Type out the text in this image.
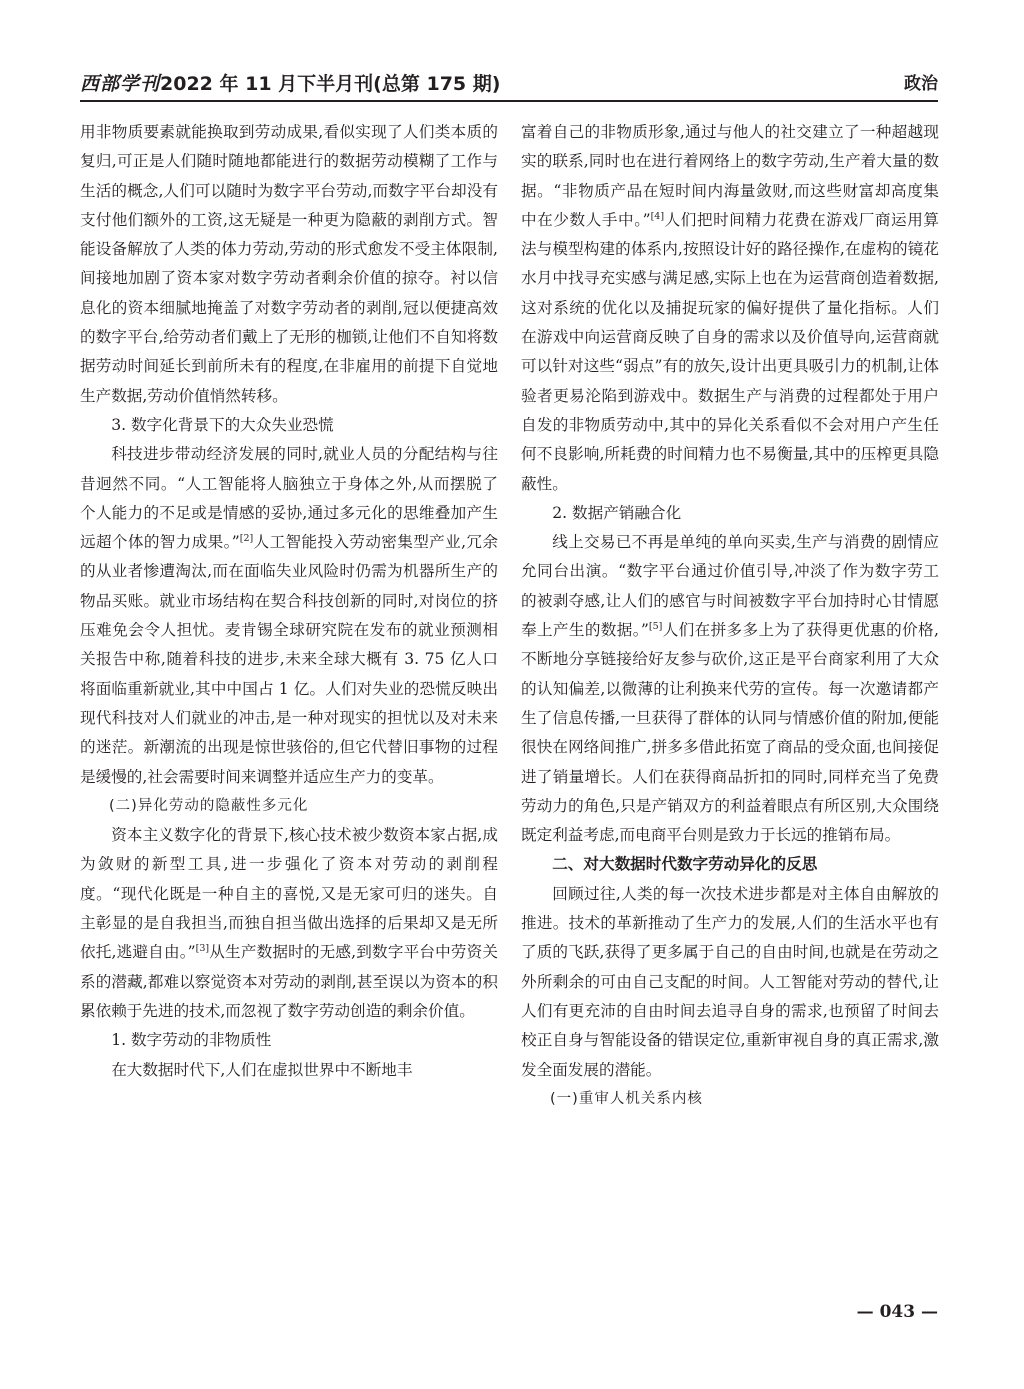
西部学刊2022 年 11 月下半月刊(总第 175 期)	政治

用非物质要素就能换取到劳动成果,看似实现了人们类本质的复归,可正是人们随时随地都能进行的数据劳动模糊了工作与生活的概念,人们可以随时为数字平台劳动,而数字平台却没有支付他们额外的工资,这无疑是一种更为隐蔽的剥削方式。智能设备解放了人类的体力劳动,劳动的形式愈发不受主体限制,间接地加剧了资本家对数字劳动者剩余价值的掠夺。衬以信息化的资本细腻地掩盖了对数字劳动者的剥削,冠以便捷高效的数字平台,给劳动者们戴上了无形的枷锁,让他们不自知将数据劳动时间延长到前所未有的程度,在非雇用的前提下自觉地生产数据,劳动价值悄然转移。

3. 数字化背景下的大众失业恐慌

科技进步带动经济发展的同时,就业人员的分配结构与往昔迥然不同。“人工智能将人脑独立于身体之外,从而摆脱了个人能力的不足或是情感的妥协,通过多元化的思维叠加产生远超个体的智力成果。”[2]人工智能投入劳动密集型产业,冗余的从业者惨遭淘汰,而在面临失业风险时仍需为机器所生产的物品买账。就业市场结构在契合科技创新的同时,对岗位的挤压难免会令人担忧。麦肯锡全球研究院在发布的就业预测相关报告中称,随着科技的进步,未来全球大概有 3. 75 亿人口将面临重新就业,其中中国占 1 亿。人们对失业的恐慌反映出现代科技对人们就业的冲击,是一种对现实的担忧以及对未来的迷茫。新潮流的出现是惊世骇俗的,但它代替旧事物的过程是缓慢的,社会需要时间来调整并适应生产力的变革。

(二)异化劳动的隐蔽性多元化

资本主义数字化的背景下,核心技术被少数资本家占据,成为敛财的新型工具,进一步强化了资本对劳动的剥削程度。“现代化既是一种自主的喜悦,又是无家可归的迷失。自主彰显的是自我担当,而独自担当做出选择的后果却又是无所依托,逃避自由。”[3]从生产数据时的无感,到数字平台中劳资关系的潜藏,都难以察觉资本对劳动的剥削,甚至误以为资本的积累依赖于先进的技术,而忽视了数字劳动创造的剩余价值。

1. 数字劳动的非物质性

在大数据时代下,人们在虚拟世界中不断地丰

富着自己的非物质形象,通过与他人的社交建立了一种超越现实的联系,同时也在进行着网络上的数字劳动,生产着大量的数据。“非物质产品在短时间内海量敛财,而这些财富却高度集中在少数人手中。”[4]人们把时间精力花费在游戏厂商运用算法与模型构建的体系内,按照设计好的路径操作,在虚构的镜花水月中找寻充实感与满足感,实际上也在为运营商创造着数据,这对系统的优化以及捕捉玩家的偏好提供了量化指标。人们在游戏中向运营商反映了自身的需求以及价值导向,运营商就可以针对这些“弱点”有的放矢,设计出更具吸引力的机制,让体验者更易沦陷到游戏中。数据生产与消费的过程都处于用户自发的非物质劳动中,其中的异化关系看似不会对用户产生任何不良影响,所耗费的时间精力也不易衡量,其中的压榨更具隐蔽性。

2. 数据产销融合化

线上交易已不再是单纯的单向买卖,生产与消费的剧情应允同台出演。“数字平台通过价值引导,冲淡了作为数字劳工的被剥夺感,让人们的感官与时间被数字平台加持时心甘情愿奉上产生的数据。”[5]人们在拼多多上为了获得更优惠的价格,不断地分享链接给好友参与砍价,这正是平台商家利用了大众的认知偏差,以微薄的让利换来代劳的宣传。每一次邀请都产生了信息传播,一旦获得了群体的认同与情感价值的附加,便能很快在网络间推广,拼多多借此拓宽了商品的受众面,也间接促进了销量增长。人们在获得商品折扣的同时,同样充当了免费劳动力的角色,只是产销双方的利益着眼点有所区别,大众围绕既定利益考虑,而电商平台则是致力于长远的推销布局。

二、对大数据时代数字劳动异化的反思

回顾过往,人类的每一次技术进步都是对主体自由解放的推进。技术的革新推动了生产力的发展,人们的生活水平也有了质的飞跃,获得了更多属于自己的自由时间,也就是在劳动之外所剩余的可由自己支配的时间。人工智能对劳动的替代,让人们有更充沛的自由时间去追寻自身的需求,也预留了时间去校正自身与智能设备的错误定位,重新审视自身的真正需求,激发全面发展的潜能。

(一)重审人机关系内核
— 043 —
